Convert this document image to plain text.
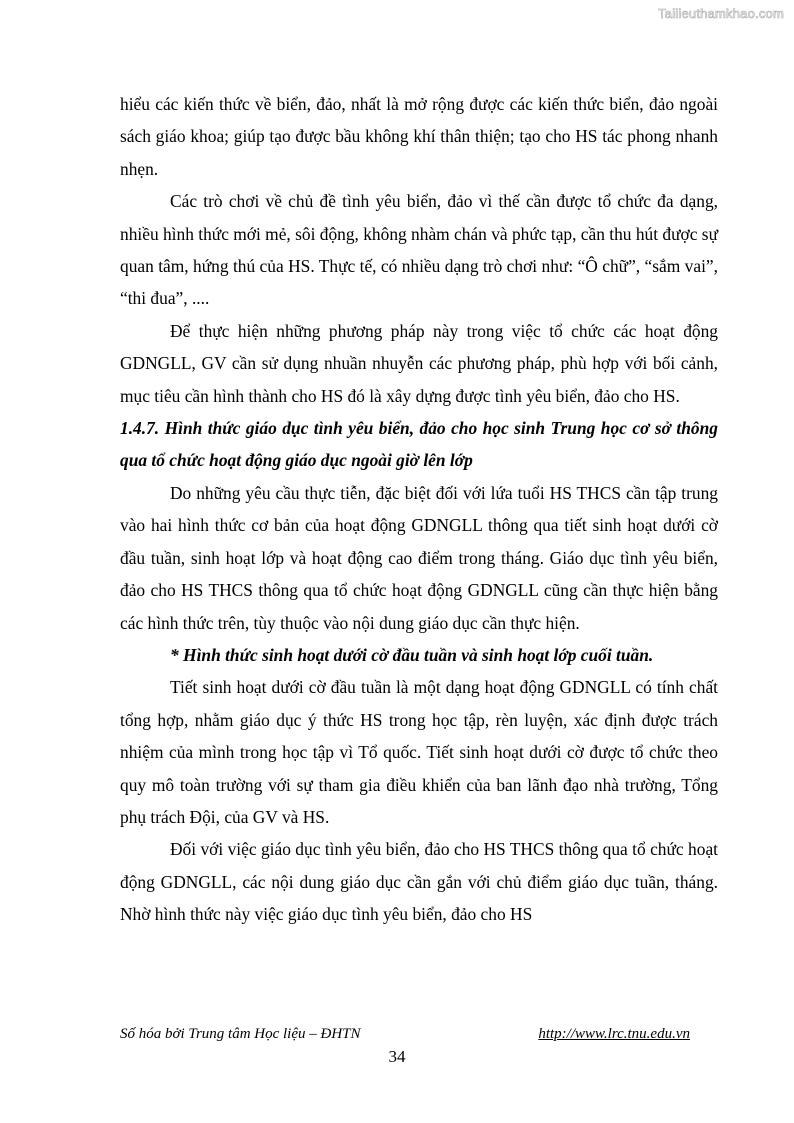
Tailieuthamkhao.com

hiểu các kiến thức về biển, đảo, nhất là mở rộng được các kiến thức biển, đảo ngoài sách giáo khoa; giúp tạo được bầu không khí thân thiện; tạo cho HS tác phong nhanh nhẹn.

Các trò chơi về chủ đề tình yêu biển, đảo vì thế cần được tổ chức đa dạng, nhiều hình thức mới mẻ, sôi động, không nhàm chán và phức tạp, cần thu hút được sự quan tâm, hứng thú của HS. Thực tế, có nhiều dạng trò chơi như: “Ô chữ”, “sắm vai”, “thi đua”, ....

Để thực hiện những phương pháp này trong việc tổ chức các hoạt động GDNGLL, GV cần sử dụng nhuần nhuyễn các phương pháp, phù hợp với bối cảnh, mục tiêu cần hình thành cho HS đó là xây dựng được tình yêu biển, đảo cho HS.

1.4.7. Hình thức giáo dục tình yêu biển, đảo cho học sinh Trung học cơ sở thông qua tổ chức hoạt động giáo dục ngoài giờ lên lớp

Do những yêu cầu thực tiễn, đặc biệt đối với lứa tuổi HS THCS cần tập trung vào hai hình thức cơ bản của hoạt động GDNGLL thông qua tiết sinh hoạt dưới cờ đầu tuần, sinh hoạt lớp và hoạt động cao điểm trong tháng. Giáo dục tình yêu biển, đảo cho HS THCS thông qua tổ chức hoạt động GDNGLL cũng cần thực hiện bằng các hình thức trên, tùy thuộc vào nội dung giáo dục cần thực hiện.

* Hình thức sinh hoạt dưới cờ đầu tuần và sinh hoạt lớp cuối tuần.

Tiết sinh hoạt dưới cờ đầu tuần là một dạng hoạt động GDNGLL có tính chất tổng hợp, nhằm giáo dục ý thức HS trong học tập, rèn luyện, xác định được trách nhiệm của mình trong học tập vì Tổ quốc. Tiết sinh hoạt dưới cờ được tổ chức theo quy mô toàn trường với sự tham gia điều khiển của ban lãnh đạo nhà trường, Tổng phụ trách Đội, của GV và HS.

Đối với việc giáo dục tình yêu biển, đảo cho HS THCS thông qua tổ chức hoạt động GDNGLL, các nội dung giáo dục cần gắn với chủ điểm giáo dục tuần, tháng. Nhờ hình thức này việc giáo dục tình yêu biển, đảo cho HS

Số hóa bởi Trung tâm Học liệu – ĐHTN	http://www.lrc.tnu.edu.vn
34
